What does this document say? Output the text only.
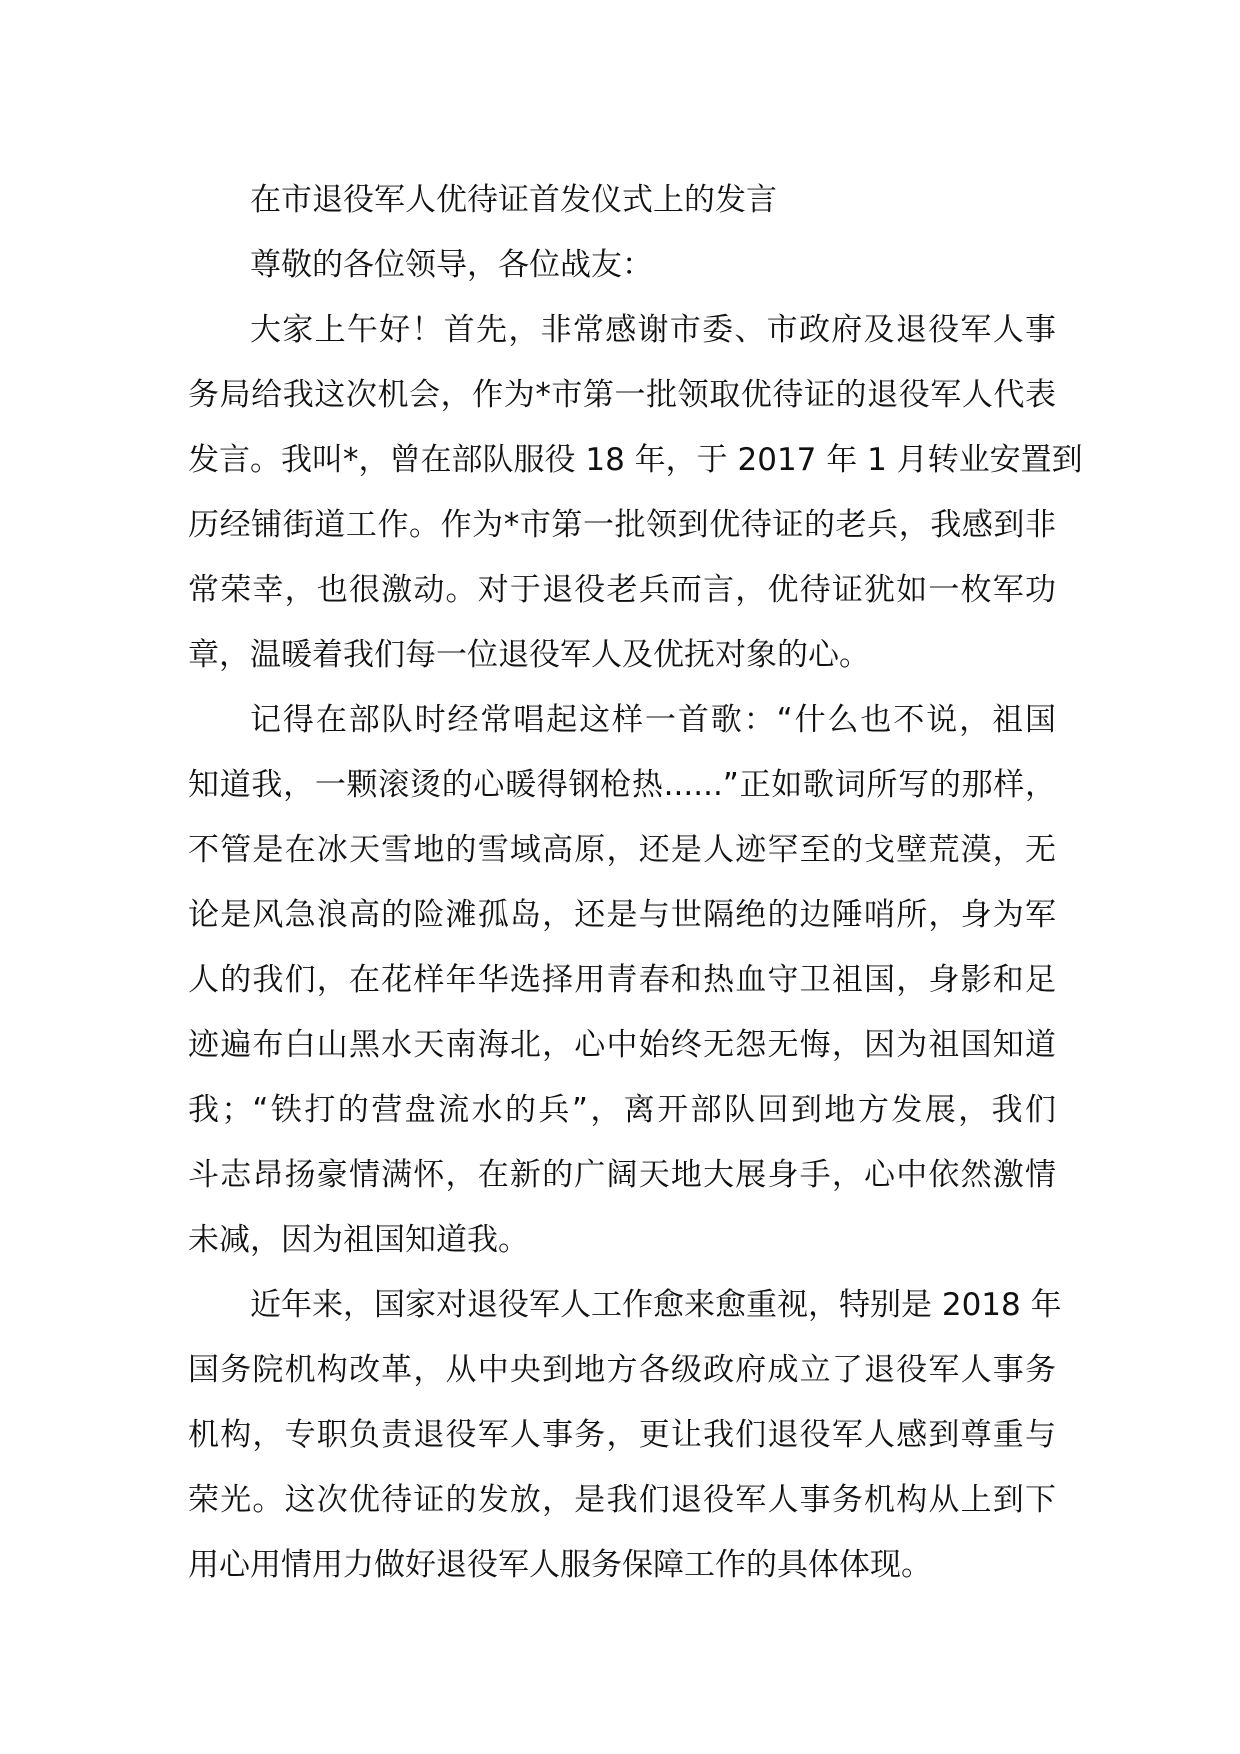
在市退役军人优待证首发仪式上的发言
尊敬的各位领导，各位战友：
大家上午好！首先，非常感谢市委、市政府及退役军人事
务局给我这次机会，作为*市第一批领取优待证的退役军人代表
发言。我叫*，曾在部队服役 18 年，于 2017 年 1 月转业安置到
历经铺街道工作。作为*市第一批领到优待证的老兵，我感到非
常荣幸，也很激动。对于退役老兵而言，优待证犹如一枚军功
章，温暖着我们每一位退役军人及优抚对象的心。
记得在部队时经常唱起这样一首歌：“什么也不说，祖国
知道我，一颗滚烫的心暖得钢枪热......”正如歌词所写的那样，
不管是在冰天雪地的雪域高原，还是人迹罕至的戈壁荒漠，无
论是风急浪高的险滩孤岛，还是与世隔绝的边陲哨所，身为军
人的我们，在花样年华选择用青春和热血守卫祖国，身影和足
迹遍布白山黑水天南海北，心中始终无怨无悔，因为祖国知道
我；“铁打的营盘流水的兵”，离开部队回到地方发展，我们
斗志昂扬豪情满怀，在新的广阔天地大展身手，心中依然激情
未减，因为祖国知道我。
近年来，国家对退役军人工作愈来愈重视，特别是 2018 年
国务院机构改革，从中央到地方各级政府成立了退役军人事务
机构，专职负责退役军人事务，更让我们退役军人感到尊重与
荣光。这次优待证的发放，是我们退役军人事务机构从上到下
用心用情用力做好退役军人服务保障工作的具体体现。
